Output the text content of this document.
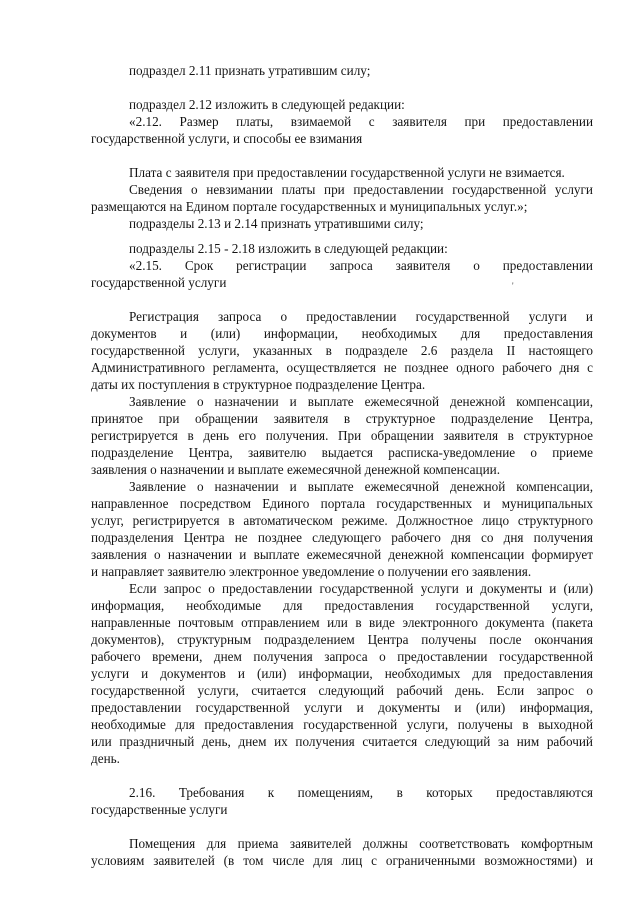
подраздел 2.11 признать утратившим силу;
подраздел 2.12 изложить в следующей редакции:
«2.12. Размер платы, взимаемой с заявителя при предоставлении
государственной услуги, и способы ее взимания
Плата с заявителя при предоставлении государственной услуги не взимается.
Сведения о невзимании платы при предоставлении государственной услуги
размещаются на Едином портале государственных и муниципальных услуг.»;
подразделы 2.13 и 2.14 признать утратившими силу;
подразделы 2.15 - 2.18 изложить в следующей редакции:
«2.15. Срок регистрации запроса заявителя о предоставлении
государственной услуги	'
Регистрация запроса о предоставлении государственной услуги и
документов и (или) информации, необходимых для предоставления
государственной услуги, указанных в подразделе 2.6 раздела II настоящего
Административного регламента, осуществляется не позднее одного рабочего дня с
даты их поступления в структурное подразделение Центра.
Заявление о назначении и выплате ежемесячной денежной компенсации,
принятое при обращении заявителя в структурное подразделение Центра,
регистрируется в день его получения. При обращении заявителя в структурное
подразделение Центра, заявителю выдается расписка-уведомление о приеме
заявления о назначении и выплате ежемесячной денежной компенсации.
Заявление о назначении и выплате ежемесячной денежной компенсации,
направленное посредством Единого портала государственных и муниципальных
услуг, регистрируется в автоматическом режиме. Должностное лицо структурного
подразделения Центра не позднее следующего рабочего дня со дня получения
заявления о назначении и выплате ежемесячной денежной компенсации формирует
и направляет заявителю электронное уведомление о получении его заявления.
Если запрос о предоставлении государственной услуги и документы и (или)
информация, необходимые для предоставления государственной услуги,
направленные почтовым отправлением или в виде электронного документа (пакета
документов), структурным подразделением Центра получены после окончания
рабочего времени, днем получения запроса о предоставлении государственной
услуги и документов и (или) информации, необходимых для предоставления
государственной услуги, считается следующий рабочий день. Если запрос о
предоставлении государственной услуги и документы и (или) информация,
необходимые для предоставления государственной услуги, получены в выходной
или праздничный день, днем их получения считается следующий за ним рабочий
день.
2.16. Требования к помещениям, в которых предоставляются
государственные услуги
Помещения для приема заявителей должны соответствовать комфортным
условиям заявителей (в том числе для лиц с ограниченными возможностями) и
